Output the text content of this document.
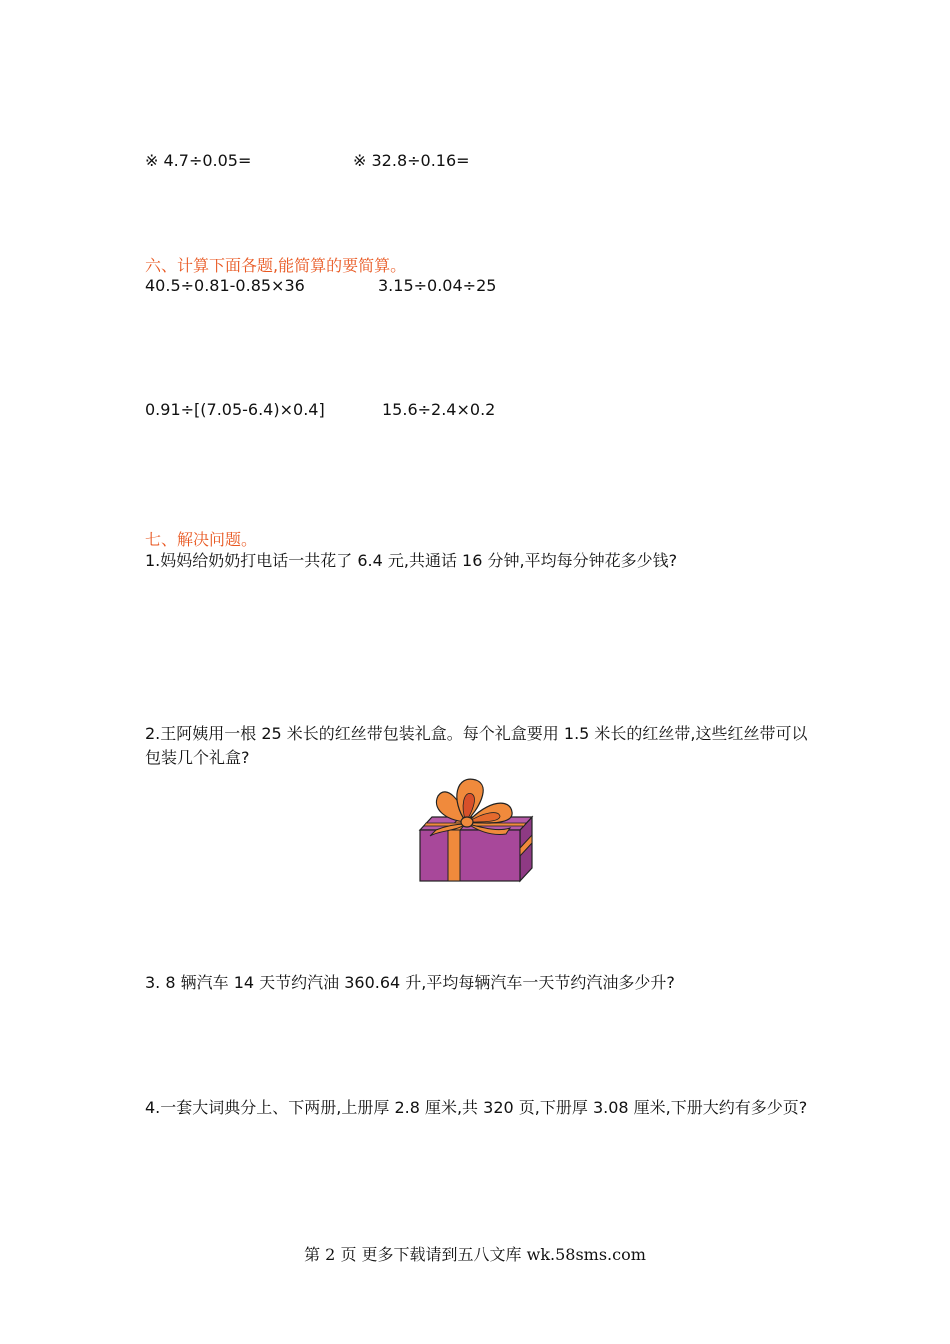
※ 4.7÷0.05=	※ 32.8÷0.16=
六、计算下面各题,能简算的要简算。
40.5÷0.81-0.85×36	3.15÷0.04÷25
0.91÷[(7.05-6.4)×0.4]	15.6÷2.4×0.2
七、解决问题。
1.妈妈给奶奶打电话一共花了 6.4 元,共通话 16 分钟,平均每分钟花多少钱?
2.王阿姨用一根 25 米长的红丝带包装礼盒。每个礼盒要用 1.5 米长的红丝带,这些红丝带可以包装几个礼盒?
3. 8 辆汽车 14 天节约汽油 360.64 升,平均每辆汽车一天节约汽油多少升?
4.一套大词典分上、下两册,上册厚 2.8 厘米,共 320 页,下册厚 3.08 厘米,下册大约有多少页?
第 2 页 更多下载请到五八文库 wk.58sms.com
